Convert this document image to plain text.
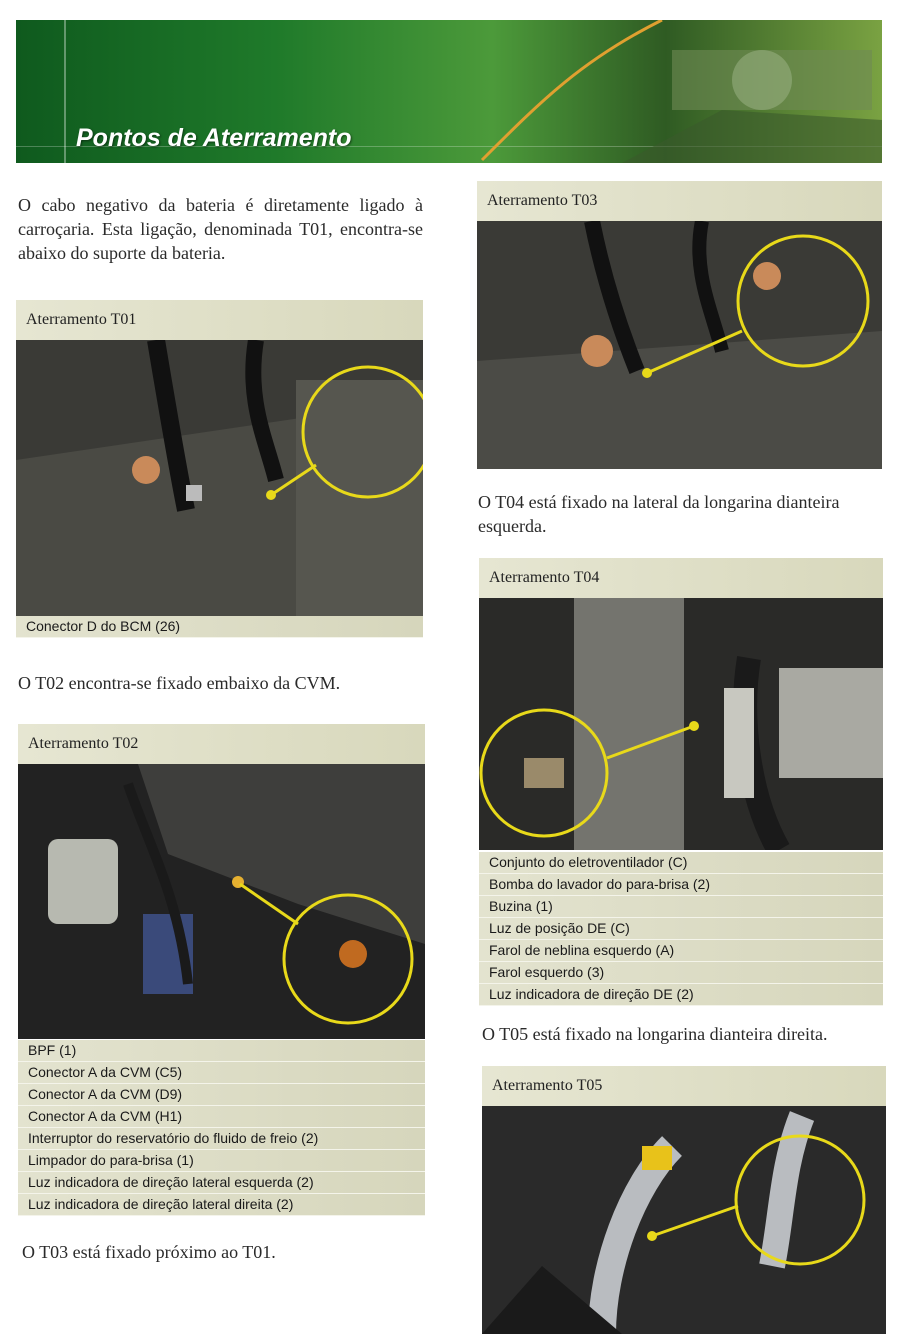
Pontos de Aterramento
O cabo negativo da bateria é diretamente ligado à carroçaria. Esta ligação, denominada T01, encontra-se abaixo do suporte da bateria.
Aterramento T01
Conector D do BCM (26)
O T02 encontra-se fixado embaixo da CVM.
Aterramento T02
BPF (1)
Conector A da CVM (C5)
Conector A da CVM (D9)
Conector A da CVM (H1)
Interruptor do reservatório do fluido de freio (2)
Limpador do para-brisa (1)
Luz indicadora de direção lateral esquerda (2)
Luz indicadora de direção lateral direita (2)
O T03 está fixado próximo ao T01.
Aterramento T03
O T04 está fixado na lateral da longarina dianteira esquerda.
Aterramento T04
Conjunto do eletroventilador (C)
Bomba do lavador do para-brisa (2)
Buzina (1)
Luz de posição DE (C)
Farol de neblina esquerdo (A)
Farol esquerdo (3)
Luz indicadora de direção DE (2)
O T05 está fixado na longarina dianteira direita.
Aterramento T05
